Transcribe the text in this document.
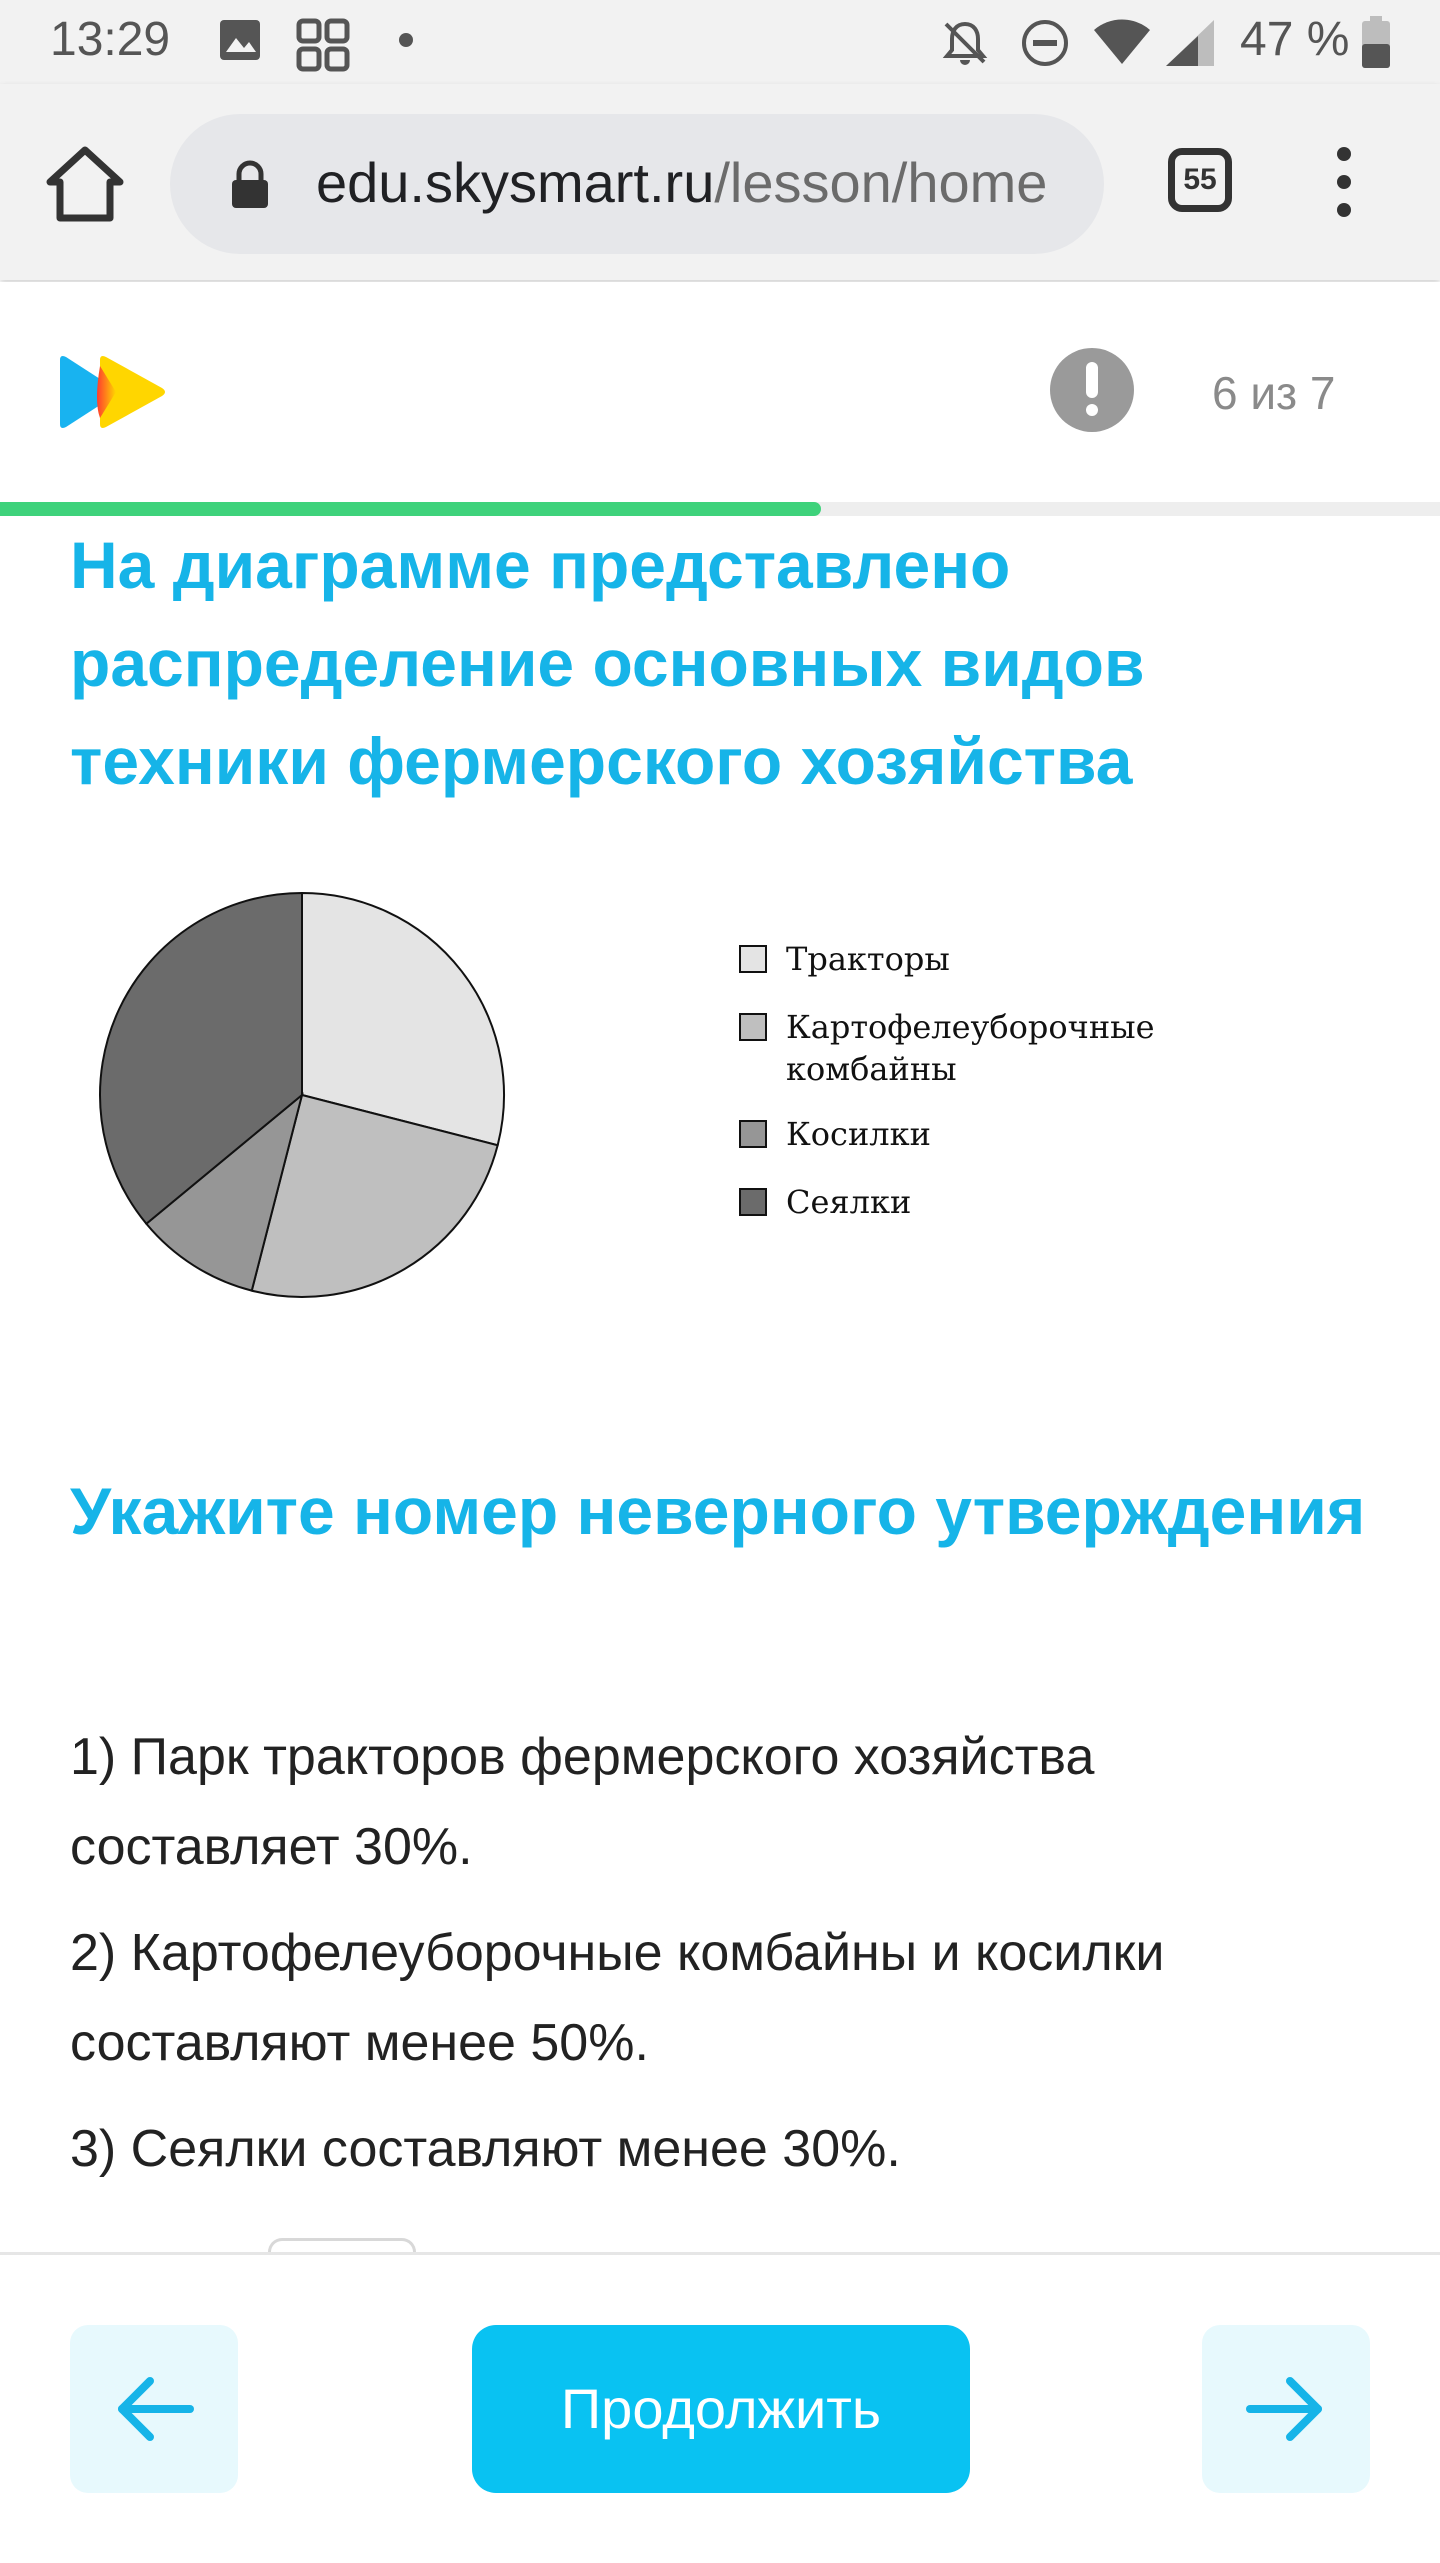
13:29	47 %
edu.skysmart.ru/lesson/home	55
6 из 7
На диаграмме представлено распределение основных видов техники фермерского хозяйства
Тракторы
Картофелеуборочные комбайны
Косилки
Сеялки
Укажите номер неверного утверждения

1) Парк тракторов фермерского хозяйства составляет 30%.

2) Картофелеуборочные комбайны и косилки составляют менее 50%.

3) Сеялки составляют менее 30%.

Продолжить
